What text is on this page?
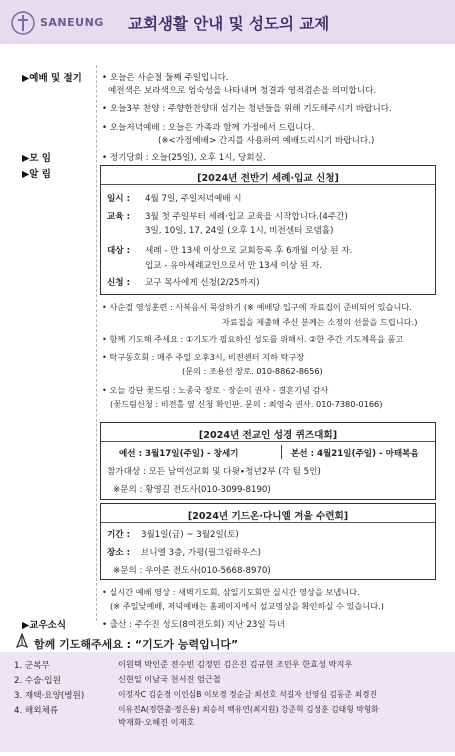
SANEUNG 교회생활 안내 및 성도의 교제
▶예배 및 절기 • 오늘은 사순절 둘째 주일입니다.
예전색은 보라색으로 엄숙성을 나타내며 청결과 영적겸손을 의미합니다.
• 오늘3부 찬양 : 주향한찬양대 섬기는 청년들을 위해 기도해주시기 바랍니다.
• 오늘저녁예배 : 오늘은 가족과 함께 가정에서 드립니다.
(※<가정예배> 간지를 사용하여 예배드리시기 바랍니다.)
▶모 임	• 정기당회 : 오늘(25일), 오후 1시, 당회실.
▶알 림	[2024년 전반기 세례·입교 신청]
일시 : 4월 7일, 주일저녁예배 시
교육 : 3월 첫 주일부터 세례·입교 교육을 시작합니다.(4주간)
3일, 10일, 17, 24일 (오후 1시, 비전센터 로뎀홀)
대상 : 세례 - 만 13세 이상으로 교회등록 후 6개월 이상 된 자.
입교 - 유아세례교인으로서 만 13세 이상 된 자.
신청 : 교구 목사에게 신청(2/25까지)
• 사순절 영성훈련 : 사복음서 묵상하기 (※ 예배당 입구에 자료집이 준비되어 있습니다.
자료집을 제출해 주신 분께는 소정의 선물을 드립니다.)
• 함께 기도해 주세요 : ①기도가 필요하신 성도를 위해서. ②한 주간 기도제목을 품고
• 탁구동호회 : 매주 주일 오후3시, 비전센터 지하 탁구장
(문의 : 조용선 장로. 010-8862-8656)
• 오늘 강단 꽃드림 : 노종국 장로 · 장순이 권사 - 결혼기념 감사
(꽃드림신청 : 비전홀 옆 신청 확인판. 문의 : 최영숙 권사. 010-7380-0166)
[2024년 전교인 성경 퀴즈대회]
예선 : 3월17일(주일) - 창세기	본선 : 4월21일(주일) - 마태복음
참가대상 : 모든 남여선교회 및 다윗∙청년2부 (각 팀 5인)
※문의 : 황영길 전도사(010-3099-8190)
[2024년 기드온·다니엘 겨울 수련회]
기간 : 3월1일(금) ~ 3월2일(토)
장소 : 브니엘 3층, 가평(필그림하우스)
※문의 : 우아론 전도사(010-5668-8970)
• 실시간 예배 영상 : 새벽기도회, 삼일기도회만 실시간 영상을 보냅니다.
(※ 주일낮예배, 저녁예배는 홈페이지에서 설교영상을 확인하실 수 있습니다.)
▶교우소식	• 출산 : 주수진 성도(8여전도회) 지난 23일 득녀
함께 기도해주세요 : “기도가 능력입니다”
1. 군복무	이원택 박인준 전수빈 김정민 김은진 김규현 조민우 한효성 박지우
2. 수술·입원	신현일 이남국 천서진 엄근철
3. 재택·요양(병원)	이정자C 김순경 이인심B 이보경 정순금 최선호 석길자 선영심 김동준 최경진
4. 해외체류	이유진A(정한출·정은용) 최승석 백유연(최지원) 강준혁 김성훈 김태형 박형화
박재화·오혜진 이재호
